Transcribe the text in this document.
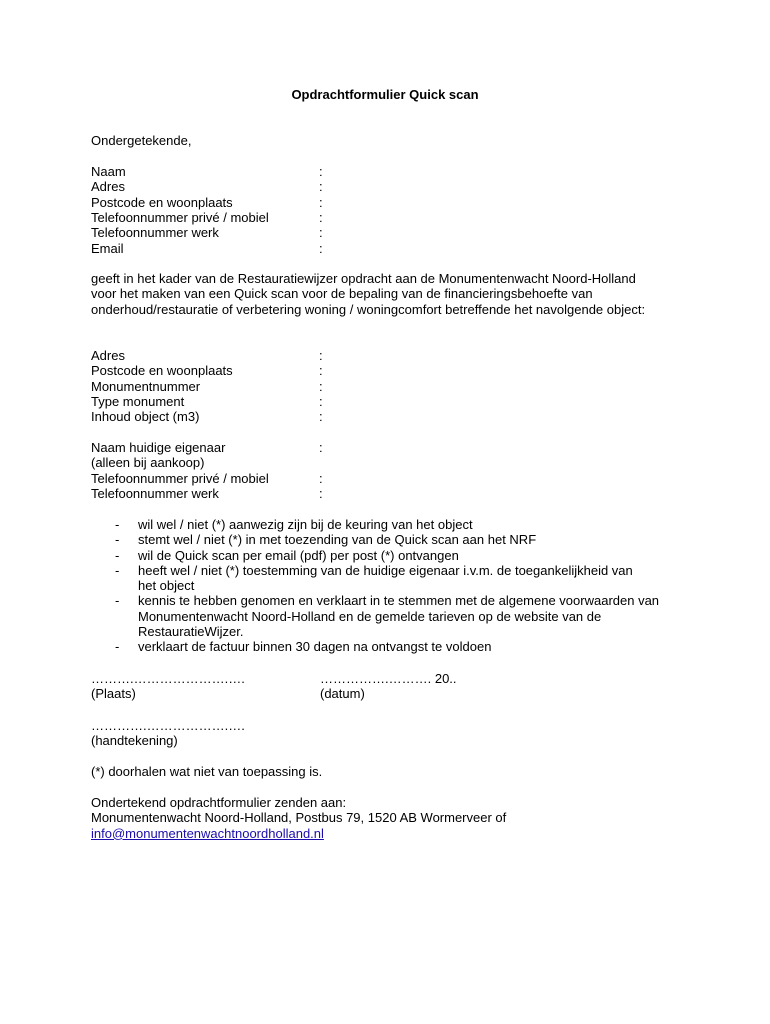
Opdrachtformulier Quick scan
Ondergetekende,
Naam	:
Adres	:
Postcode en woonplaats	:
Telefoonnummer privé / mobiel	:
Telefoonnummer werk	:
Email	:
geeft in het kader van de Restauratiewijzer opdracht aan de Monumentenwacht Noord-Holland voor het maken van een Quick scan voor de bepaling van de financieringsbehoefte van onderhoud/restauratie of verbetering woning / woningcomfort betreffende het navolgende object:
Adres	:
Postcode en woonplaats	:
Monumentnummer	:
Type monument	:
Inhoud object (m3)	:
Naam huidige eigenaar	:
(alleen bij aankoop)
Telefoonnummer privé / mobiel	:
Telefoonnummer werk	:
- wil wel / niet (*) aanwezig zijn bij de keuring van het object
- stemt wel / niet (*) in met toezending van de Quick scan aan het NRF
- wil de Quick scan per email (pdf) per post (*) ontvangen
- heeft wel / niet (*) toestemming van de huidige eigenaar i.v.m. de toegankelijkheid van het object
- kennis te hebben genomen en verklaart in te stemmen met de algemene voorwaarden van Monumentenwacht Noord-Holland en de gemelde tarieven op de website van de RestauratieWijzer.
- verklaart de factuur binnen 30 dagen na ontvangst te voldoen
……….………………….….
(Plaats)
…………….………. 20..
(datum)
………….……………….….
(handtekening)
(*) doorhalen wat niet van toepassing is.
Ondertekend opdrachtformulier zenden aan:
Monumentenwacht Noord-Holland, Postbus 79, 1520 AB Wormerveer of
info@monumentenwachtnoordholland.nl
